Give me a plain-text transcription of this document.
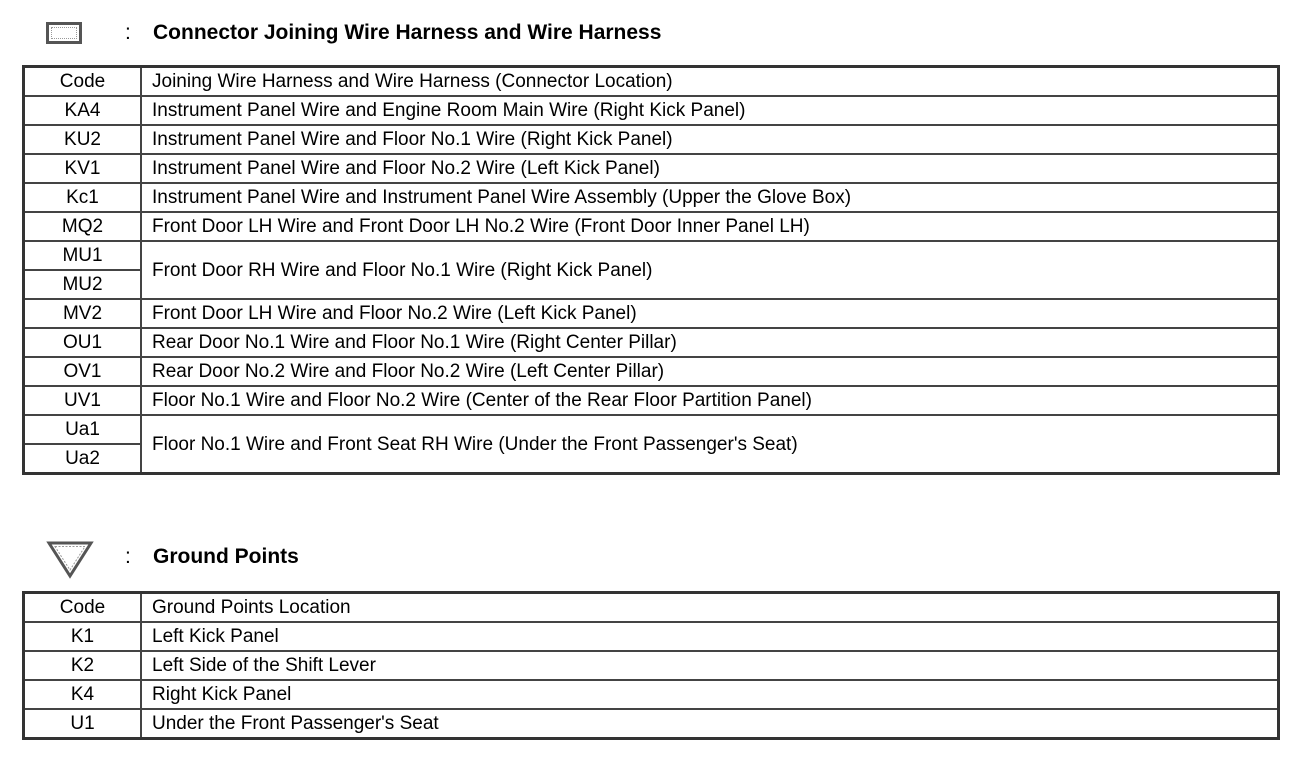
: Connector Joining Wire Harness and Wire Harness
Code	Joining Wire Harness and Wire Harness (Connector Location)
KA4	Instrument Panel Wire and Engine Room Main Wire (Right Kick Panel)
KU2	Instrument Panel Wire and Floor No.1 Wire (Right Kick Panel)
KV1	Instrument Panel Wire and Floor No.2 Wire (Left Kick Panel)
Kc1	Instrument Panel Wire and Instrument Panel Wire Assembly (Upper the Glove Box)
MQ2	Front Door LH Wire and Front Door LH No.2 Wire (Front Door Inner Panel LH)
MU1	Front Door RH Wire and Floor No.1 Wire (Right Kick Panel)
MU2	
MV2	Front Door LH Wire and Floor No.2 Wire (Left Kick Panel)
OU1	Rear Door No.1 Wire and Floor No.1 Wire (Right Center Pillar)
OV1	Rear Door No.2 Wire and Floor No.2 Wire (Left Center Pillar)
UV1	Floor No.1 Wire and Floor No.2 Wire (Center of the Rear Floor Partition Panel)
Ua1	Floor No.1 Wire and Front Seat RH Wire (Under the Front Passenger's Seat)
Ua2	
: Ground Points
Code	Ground Points Location
K1	Left Kick Panel
K2	Left Side of the Shift Lever
K4	Right Kick Panel
U1	Under the Front Passenger's Seat
